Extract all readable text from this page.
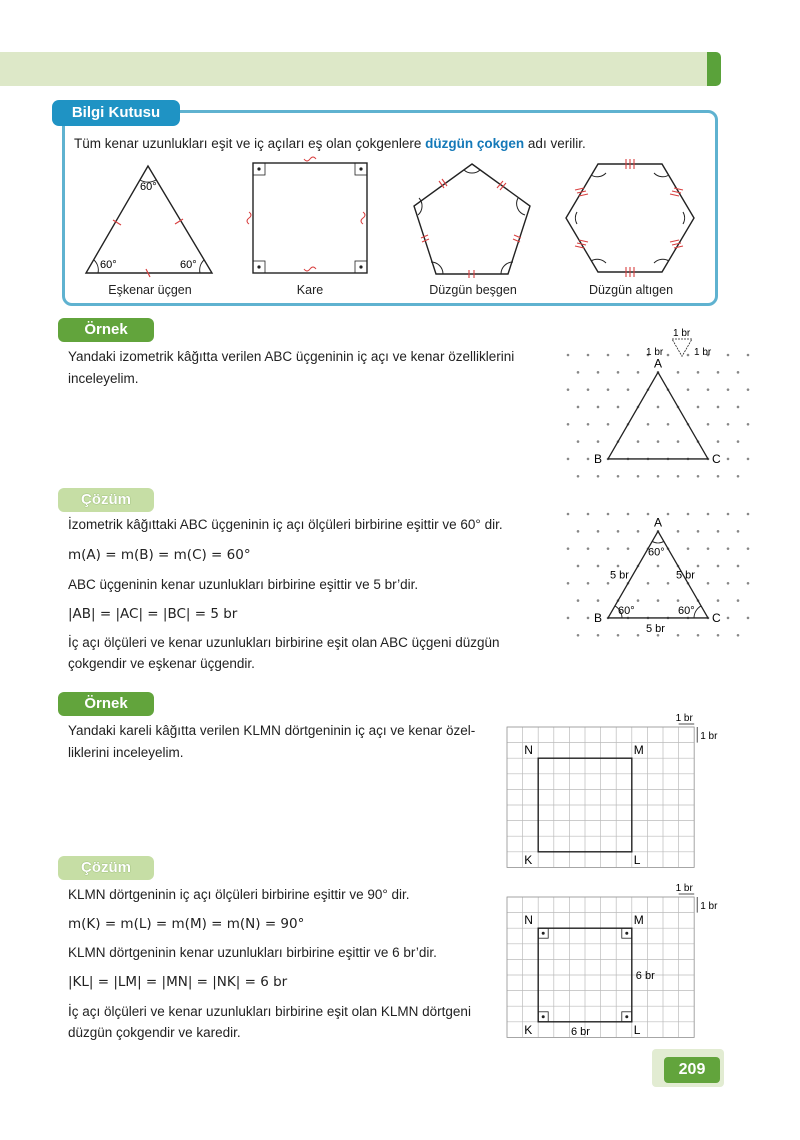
Bilgi Kutusu
Tüm kenar uzunlukları eşit ve iç açıları eş olan çokgenlere düzgün çokgen adı verilir.
60°
60°	60°
Eşkenar üçgen	Kare	Düzgün beşgen	Düzgün altıgen
Örnek
Yandaki izometrik kâğıtta verilen ABC üçgeninin iç açı ve kenar özelliklerini
inceleyelim.
A
B	C
1 br
1 br	1 br
Çözüm
İzometrik kâğıttaki ABC üçgeninin iç açı ölçüleri birbirine eşittir ve 60° dir.
m(A) = m(B) = m(C) = 60°
ABC üçgeninin kenar uzunlukları birbirine eşittir ve 5 br’dir.
|AB| = |AC| = |BC| = 5 br
İç açı ölçüleri ve kenar uzunlukları birbirine eşit olan ABC üçgeni düzgün
çokgendir ve eşkenar üçgendir.
A
B	C
60°
60°	60°
5 br	5 br
5 br
Örnek
Yandaki kareli kâğıtta verilen KLMN dörtgeninin iç açı ve kenar özel-
liklerini inceleyelim.	N	M
K	L
1 br
1 br
Çözüm
KLMN dörtgeninin iç açı ölçüleri birbirine eşittir ve 90° dir.
m(K) = m(L) = m(M) = m(N) = 90°
KLMN dörtgeninin kenar uzunlukları birbirine eşittir ve 6 br’dir.
|KL| = |LM| = |MN| = |NK| = 6 br
İç açı ölçüleri ve kenar uzunlukları birbirine eşit olan KLMN dörtgeni
düzgün çokgendir ve karedir.
N	M
K	L
1 br
1 br
6 br
6 br
209
